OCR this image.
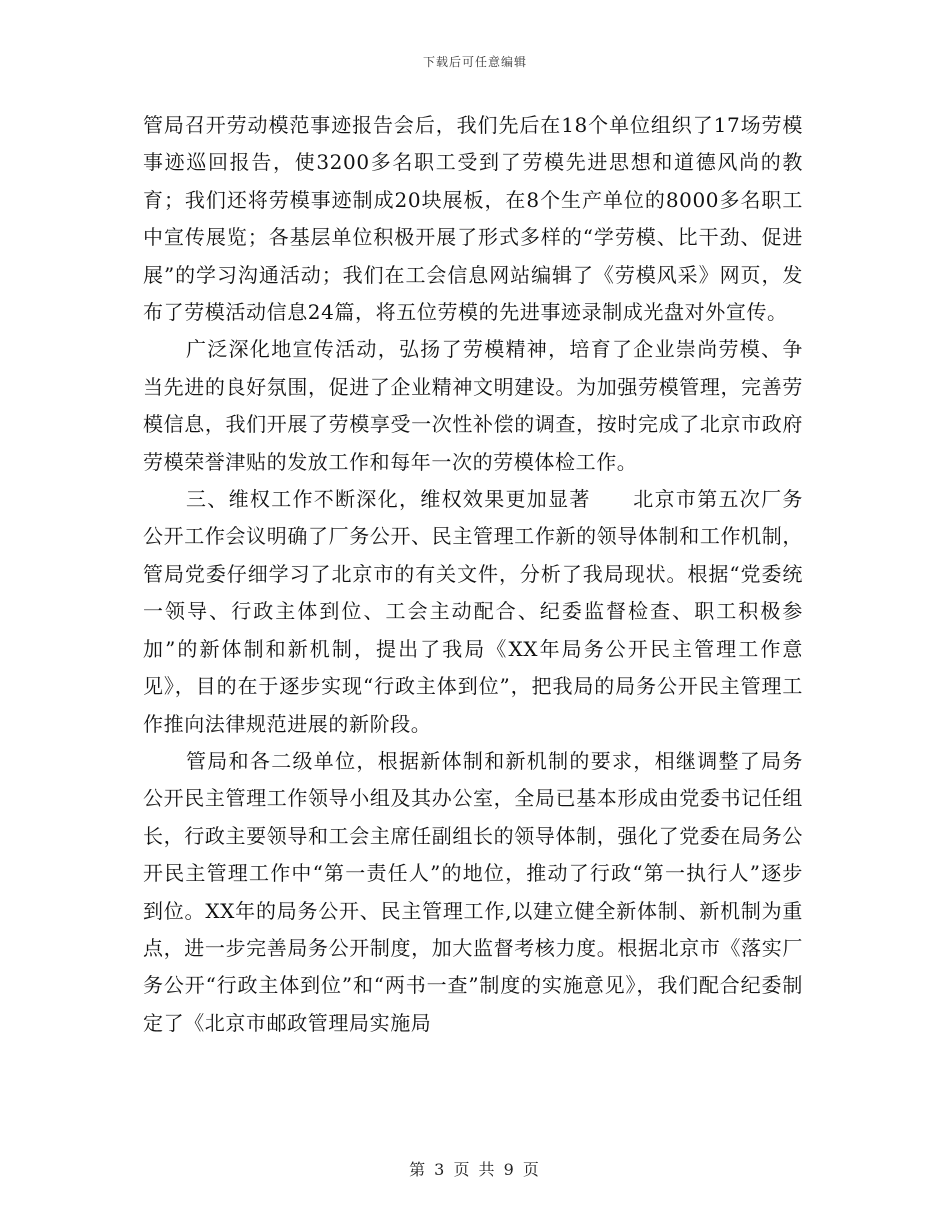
下载后可任意编辑

管局召开劳动模范事迹报告会后，我们先后在18个单位组织了17场劳模事迹巡回报告，使3200多名职工受到了劳模先进思想和道德风尚的教育；我们还将劳模事迹制成20块展板，在8个生产单位的8000多名职工中宣传展览；各基层单位积极开展了形式多样的“学劳模、比干劲、促进展”的学习沟通活动；我们在工会信息网站编辑了《劳模风采》网页，发布了劳模活动信息24篇，将五位劳模的先进事迹录制成光盘对外宣传。

广泛深化地宣传活动，弘扬了劳模精神，培育了企业崇尚劳模、争当先进的良好氛围，促进了企业精神文明建设。为加强劳模管理，完善劳模信息，我们开展了劳模享受一次性补偿的调查，按时完成了北京市政府劳模荣誉津贴的发放工作和每年一次的劳模体检工作。

三、维权工作不断深化，维权效果更加显著　　北京市第五次厂务公开工作会议明确了厂务公开、民主管理工作新的领导体制和工作机制，管局党委仔细学习了北京市的有关文件，分析了我局现状。根据“党委统一领导、行政主体到位、工会主动配合、纪委监督检查、职工积极参加”的新体制和新机制，提出了我局《XX年局务公开民主管理工作意见》，目的在于逐步实现“行政主体到位”，把我局的局务公开民主管理工作推向法律规范进展的新阶段。

管局和各二级单位，根据新体制和新机制的要求，相继调整了局务公开民主管理工作领导小组及其办公室，全局已基本形成由党委书记任组长，行政主要领导和工会主席任副组长的领导体制，强化了党委在局务公开民主管理工作中“第一责任人”的地位，推动了行政“第一执行人”逐步到位。XX年的局务公开、民主管理工作,以建立健全新体制、新机制为重点，进一步完善局务公开制度，加大监督考核力度。根据北京市《落实厂务公开“行政主体到位”和“两书一查”制度的实施意见》，我们配合纪委制定了《北京市邮政管理局实施局

第 3 页 共 9 页
